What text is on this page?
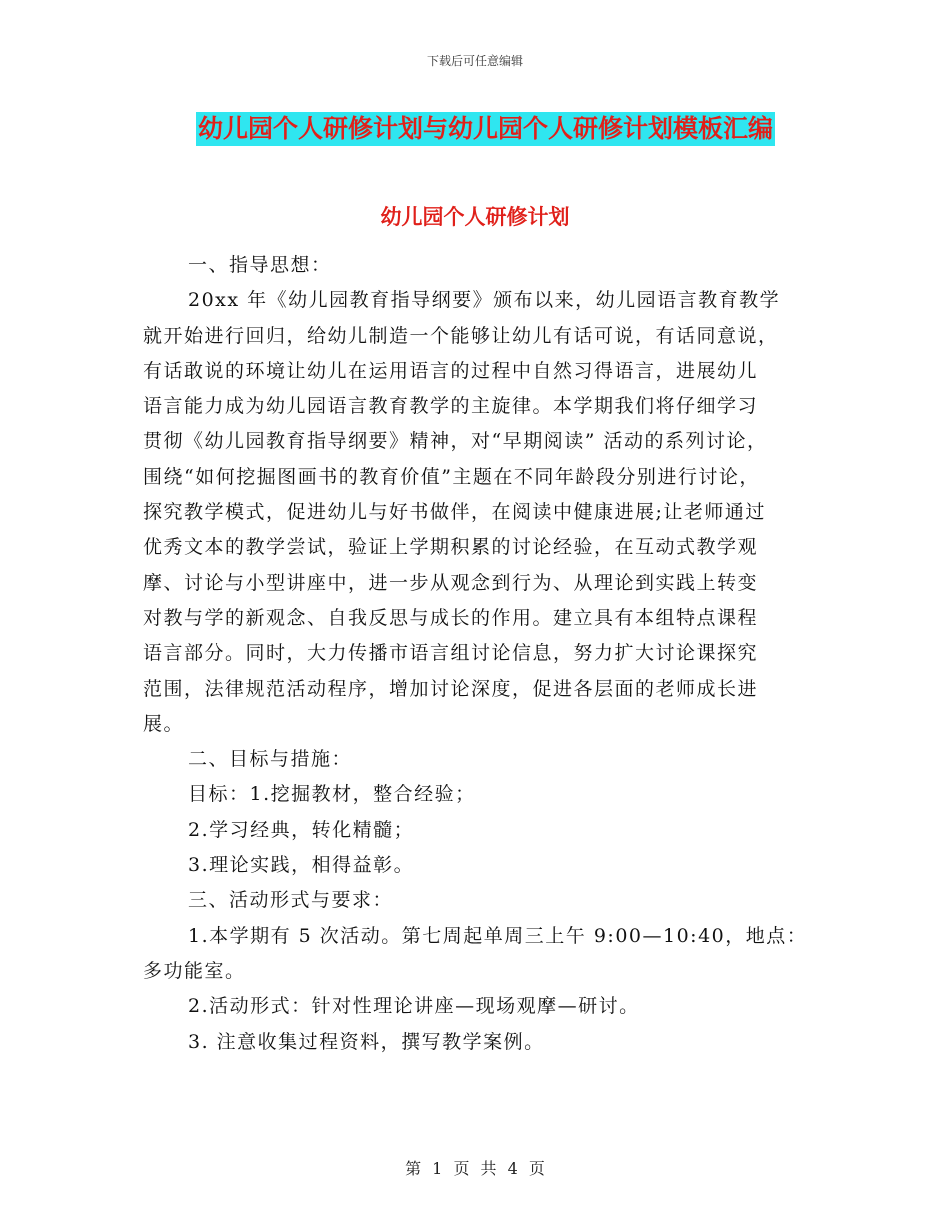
下载后可任意编辑
幼儿园个人研修计划与幼儿园个人研修计划模板汇编
幼儿园个人研修计划

一、指导思想：

20xx 年《幼儿园教育指导纲要》颁布以来，幼儿园语言教育教学

就开始进行回归，给幼儿制造一个能够让幼儿有话可说，有话同意说，

有话敢说的环境让幼儿在运用语言的过程中自然习得语言，进展幼儿

语言能力成为幼儿园语言教育教学的主旋律。本学期我们将仔细学习

贯彻《幼儿园教育指导纲要》精神，对“早期阅读” 活动的系列讨论，

围绕“如何挖掘图画书的教育价值”主题在不同年龄段分别进行讨论，

探究教学模式，促进幼儿与好书做伴，在阅读中健康进展;让老师通过

优秀文本的教学尝试，验证上学期积累的讨论经验，在互动式教学观

摩、讨论与小型讲座中，进一步从观念到行为、从理论到实践上转变

对教与学的新观念、自我反思与成长的作用。建立具有本组特点课程

语言部分。同时，大力传播市语言组讨论信息，努力扩大讨论课探究

范围，法律规范活动程序，增加讨论深度，促进各层面的老师成长进

展。

二、目标与措施：

目标：1.挖掘教材，整合经验；

2.学习经典，转化精髓；

3.理论实践，相得益彰。

三、活动形式与要求：

1.本学期有 5 次活动。第七周起单周三上午 9:00—10:40，地点：

多功能室。

2.活动形式：针对性理论讲座—现场观摩—研讨。

3. 注意收集过程资料，撰写教学案例。

第 1 页 共 4 页
